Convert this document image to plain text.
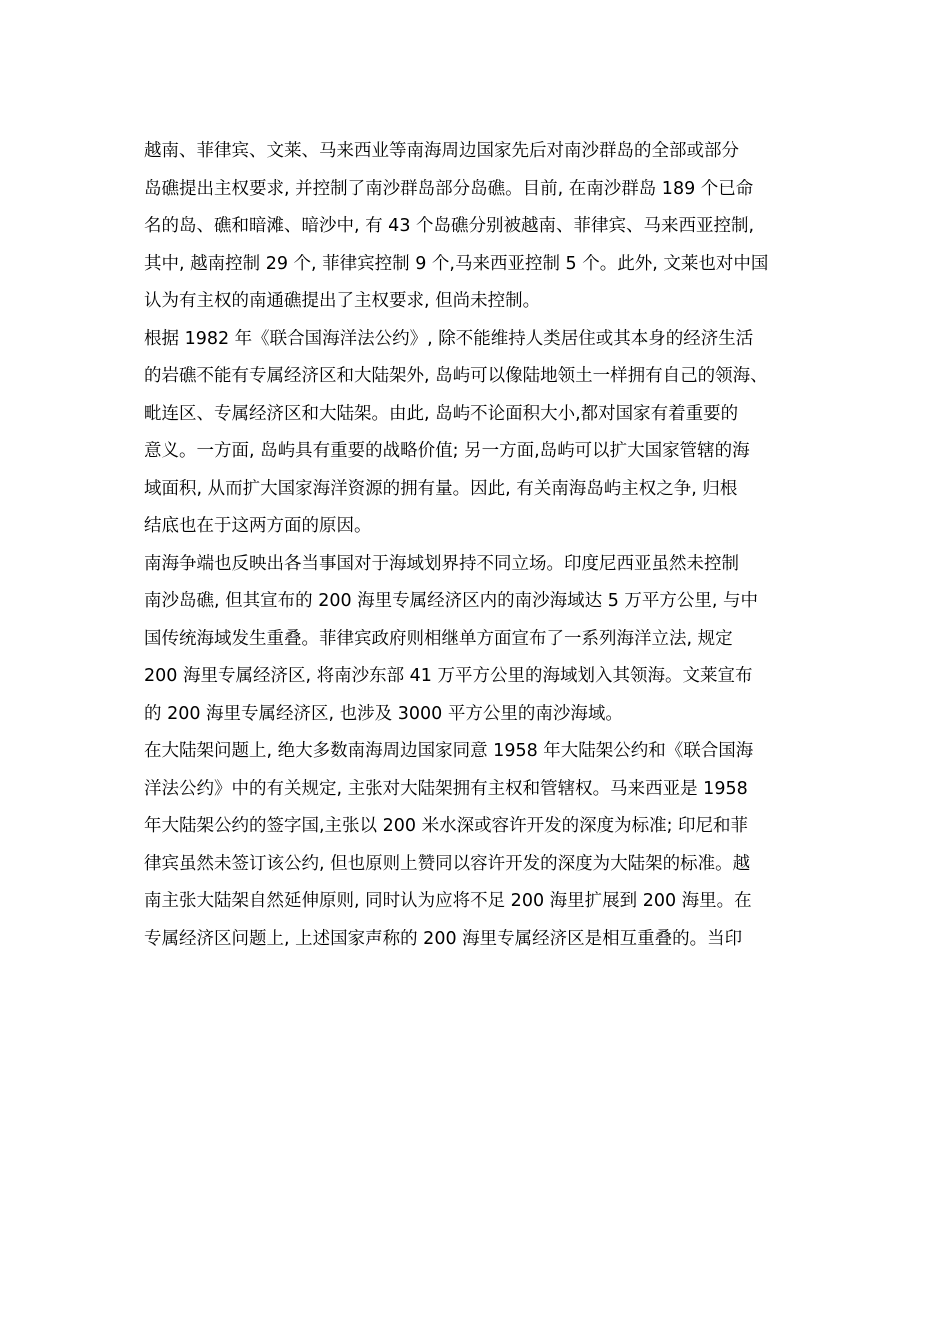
越南、菲律宾、文莱、马来西业等南海周边国家先后对南沙群岛的全部或部分
岛礁提出主权要求, 并控制了南沙群岛部分岛礁。目前, 在南沙群岛 189 个已命
名的岛、礁和暗滩、暗沙中, 有 43 个岛礁分别被越南、菲律宾、马来西亚控制,
其中, 越南控制 29 个, 菲律宾控制 9 个,马来西亚控制 5 个。此外, 文莱也对中国
认为有主权的南通礁提出了主权要求, 但尚未控制。
根据 1982 年《联合国海洋法公约》, 除不能维持人类居住或其本身的经济生活
的岩礁不能有专属经济区和大陆架外, 岛屿可以像陆地领土一样拥有自己的领海、
毗连区、专属经济区和大陆架。由此, 岛屿不论面积大小,都对国家有着重要的
意义。一方面, 岛屿具有重要的战略价值; 另一方面,岛屿可以扩大国家管辖的海
域面积, 从而扩大国家海洋资源的拥有量。因此, 有关南海岛屿主权之争, 归根
结底也在于这两方面的原因。
南海争端也反映出各当事国对于海域划界持不同立场。印度尼西亚虽然未控制
南沙岛礁, 但其宣布的 200 海里专属经济区内的南沙海域达 5 万平方公里, 与中
国传统海域发生重叠。菲律宾政府则相继单方面宣布了一系列海洋立法, 规定
200 海里专属经济区, 将南沙东部 41 万平方公里的海域划入其领海。文莱宣布
的 200 海里专属经济区, 也涉及 3000 平方公里的南沙海域。
在大陆架问题上, 绝大多数南海周边国家同意 1958 年大陆架公约和《联合国海
洋法公约》中的有关规定, 主张对大陆架拥有主权和管辖权。马来西亚是 1958
年大陆架公约的签字国,主张以 200 米水深或容许开发的深度为标准; 印尼和菲
律宾虽然未签订该公约, 但也原则上赞同以容许开发的深度为大陆架的标准。越
南主张大陆架自然延伸原则, 同时认为应将不足 200 海里扩展到 200 海里。在
专属经济区问题上, 上述国家声称的 200 海里专属经济区是相互重叠的。当印
